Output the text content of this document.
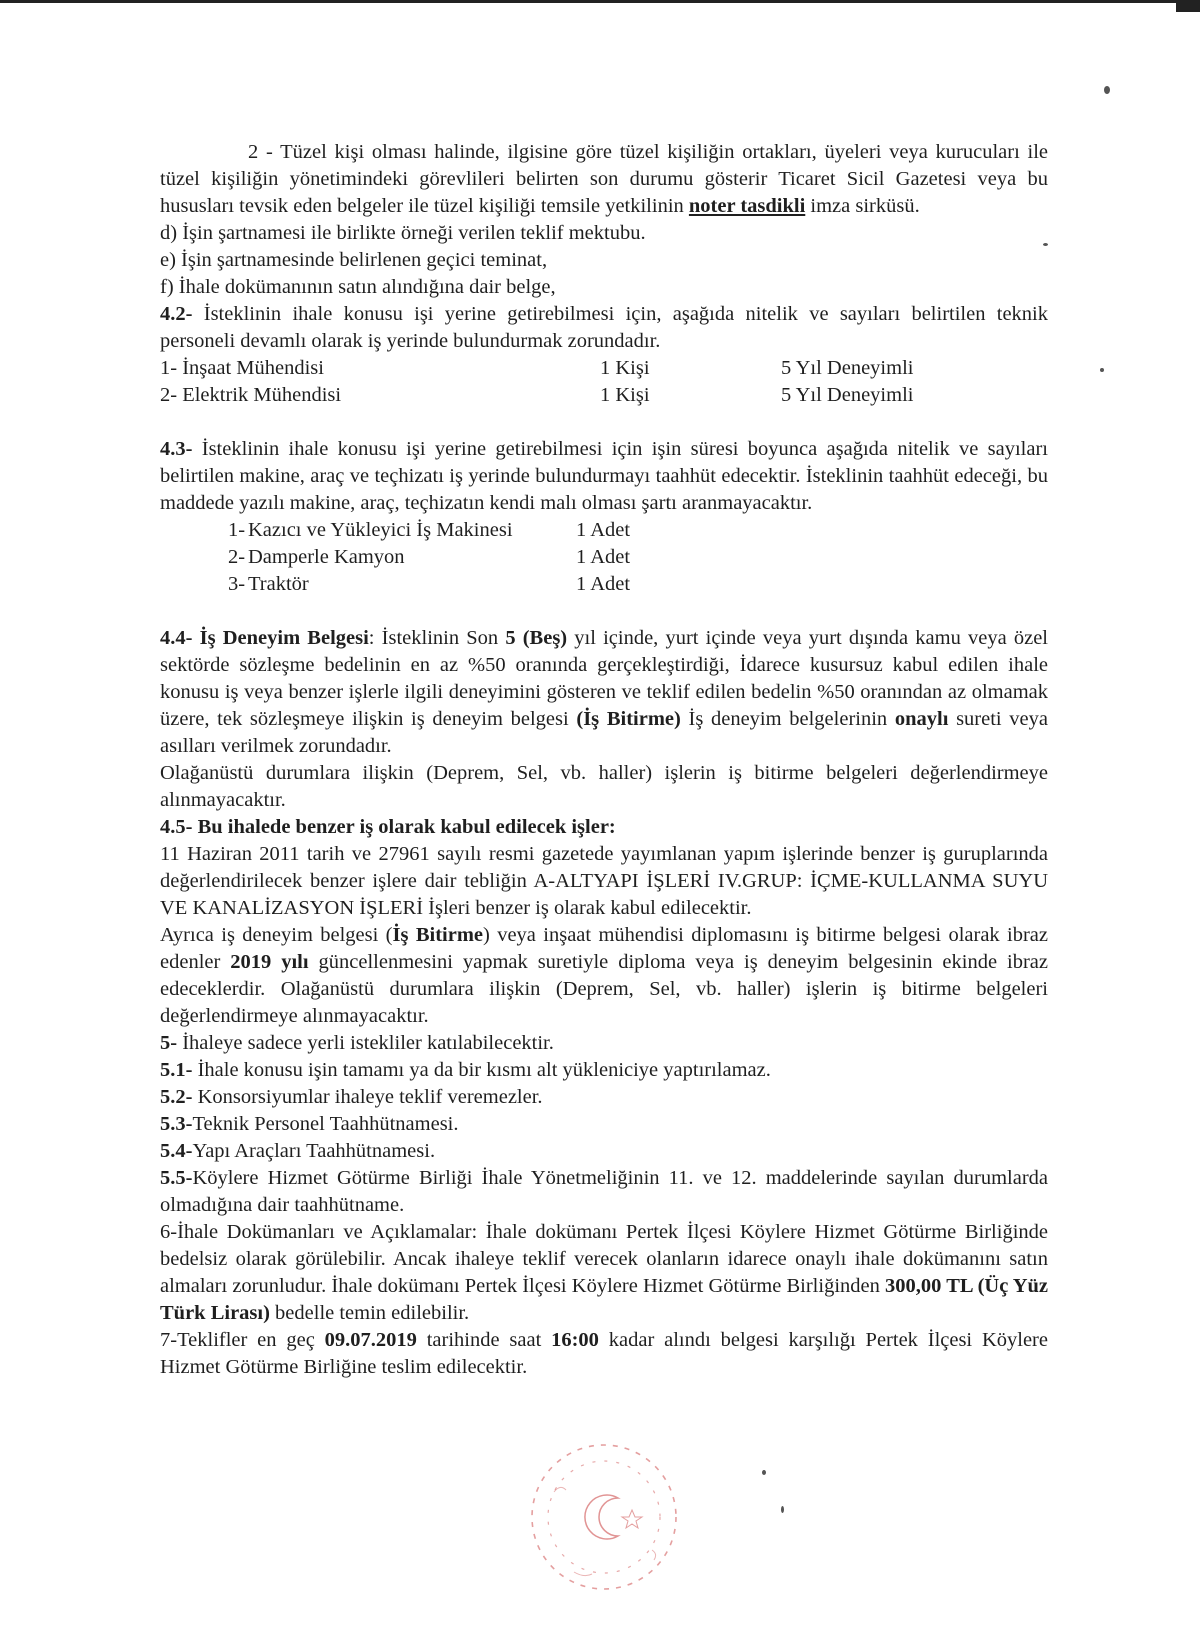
2 - Tüzel kişi olması halinde, ilgisine göre tüzel kişiliğin ortakları, üyeleri veya kurucuları ile tüzel kişiliğin yönetimindeki görevlileri belirten son durumu gösterir Ticaret Sicil Gazetesi veya bu hususları tevsik eden belgeler ile tüzel kişiliği temsile yetkilinin noter tasdikli imza sirküsü.

d) İşin şartnamesi ile birlikte örneği verilen teklif mektubu.

e) İşin şartnamesinde belirlenen geçici teminat,

f) İhale dokümanının satın alındığına dair belge,

4.2- İsteklinin ihale konusu işi yerine getirebilmesi için, aşağıda nitelik ve sayıları belirtilen teknik personeli devamlı olarak iş yerinde bulundurmak zorundadır.

1- İnşaat Mühendisi	1 Kişi	5 Yıl Deneyimli
2- Elektrik Mühendisi	1 Kişi	5 Yıl Deneyimli

4.3- İsteklinin ihale konusu işi yerine getirebilmesi için işin süresi boyunca aşağıda nitelik ve sayıları belirtilen makine, araç ve teçhizatı iş yerinde bulundurmayı taahhüt edecektir. İsteklinin taahhüt edeceği, bu maddede yazılı makine, araç, teçhizatın kendi malı olması şartı aranmayacaktır.

1- Kazıcı ve Yükleyici İş Makinesi	1 Adet
2- Damperle Kamyon	1 Adet
3- Traktör	1 Adet

4.4- İş Deneyim Belgesi: İsteklinin Son 5 (Beş) yıl içinde, yurt içinde veya yurt dışında kamu veya özel sektörde sözleşme bedelinin en az %50 oranında gerçekleştirdiği, İdarece kusursuz kabul edilen ihale konusu iş veya benzer işlerle ilgili deneyimini gösteren ve teklif edilen bedelin %50 oranından az olmamak üzere, tek sözleşmeye ilişkin iş deneyim belgesi (İş Bitirme) İş deneyim belgelerinin onaylı sureti veya asılları verilmek zorundadır.

Olağanüstü durumlara ilişkin (Deprem, Sel, vb. haller) işlerin iş bitirme belgeleri değerlendirmeye alınmayacaktır.

4.5- Bu ihalede benzer iş olarak kabul edilecek işler:

11 Haziran 2011 tarih ve 27961 sayılı resmi gazetede yayımlanan yapım işlerinde benzer iş guruplarında değerlendirilecek benzer işlere dair tebliğin A-ALTYAPI İŞLERİ IV.GRUP: İÇME-KULLANMA SUYU VE KANALİZASYON İŞLERİ İşleri benzer iş olarak kabul edilecektir.

Ayrıca iş deneyim belgesi (İş Bitirme) veya inşaat mühendisi diplomasını iş bitirme belgesi olarak ibraz edenler 2019 yılı güncellenmesini yapmak suretiyle diploma veya iş deneyim belgesinin ekinde ibraz edeceklerdir. Olağanüstü durumlara ilişkin (Deprem, Sel, vb. haller) işlerin iş bitirme belgeleri değerlendirmeye alınmayacaktır.

5- İhaleye sadece yerli istekliler katılabilecektir.

5.1- İhale konusu işin tamamı ya da bir kısmı alt yükleniciye yaptırılamaz.

5.2- Konsorsiyumlar ihaleye teklif veremezler.

5.3-Teknik Personel Taahhütnamesi.

5.4-Yapı Araçları Taahhütnamesi.

5.5-Köylere Hizmet Götürme Birliği İhale Yönetmeliğinin 11. ve 12. maddelerinde sayılan durumlarda olmadığına dair taahhütname.

6-İhale Dokümanları ve Açıklamalar: İhale dokümanı Pertek İlçesi Köylere Hizmet Götürme Birliğinde bedelsiz olarak görülebilir. Ancak ihaleye teklif verecek olanların idarece onaylı ihale dokümanını satın almaları zorunludur. İhale dokümanı Pertek İlçesi Köylere Hizmet Götürme Birliğinden 300,00 TL (Üç Yüz Türk Lirası) bedelle temin edilebilir.

7-Teklifler en geç 09.07.2019 tarihinde saat 16:00 kadar alındı belgesi karşılığı Pertek İlçesi Köylere Hizmet Götürme Birliğine teslim edilecektir.
